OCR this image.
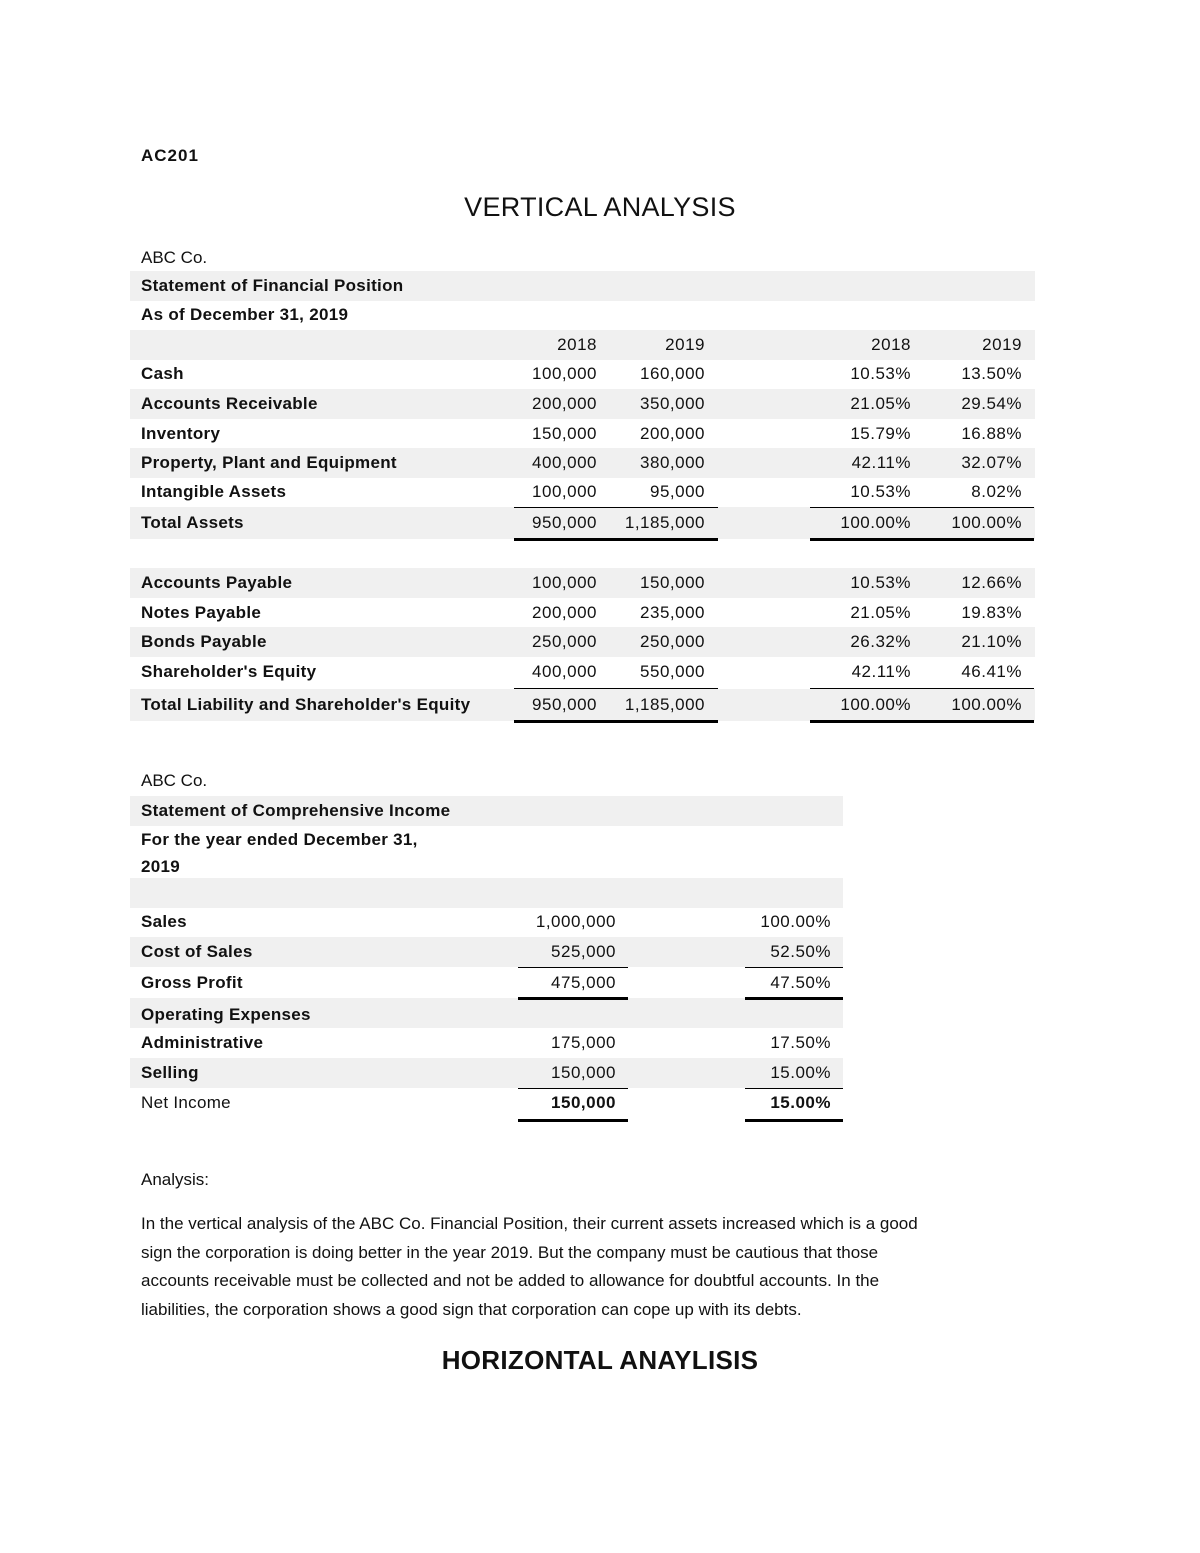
AC201
VERTICAL ANALYSIS
ABC Co.
Statement of Financial Position
As of December 31, 2019
2018	2019	2018	2019
Cash	100,000	160,000	10.53%	13.50%
Accounts Receivable	200,000	350,000	21.05%	29.54%
Inventory	150,000	200,000	15.79%	16.88%
Property, Plant and Equipment	400,000	380,000	42.11%	32.07%
Intangible Assets	100,000	95,000	10.53%	8.02%
Total Assets	950,000	1,185,000	100.00%	100.00%
Accounts Payable	100,000	150,000	10.53%	12.66%
Notes Payable	200,000	235,000	21.05%	19.83%
Bonds Payable	250,000	250,000	26.32%	21.10%
Shareholder's Equity	400,000	550,000	42.11%	46.41%
Total Liability and Shareholder's Equity	950,000	1,185,000	100.00%	100.00%
ABC Co.
Statement of Comprehensive Income
For the year ended December 31,
2019
Sales	1,000,000	100.00%
Cost of Sales	525,000	52.50%
Gross Profit	475,000	47.50%
Operating Expenses
Administrative	175,000	17.50%
Selling	150,000	15.00%
Net Income	150,000	15.00%
Analysis:
In the vertical analysis of the ABC Co. Financial Position, their current assets increased which is a good
sign the corporation is doing better in the year 2019. But the company must be cautious that those
accounts receivable must be collected and not be added to allowance for doubtful accounts. In the
liabilities, the corporation shows a good sign that corporation can cope up with its debts.
HORIZONTAL ANAYLISIS
